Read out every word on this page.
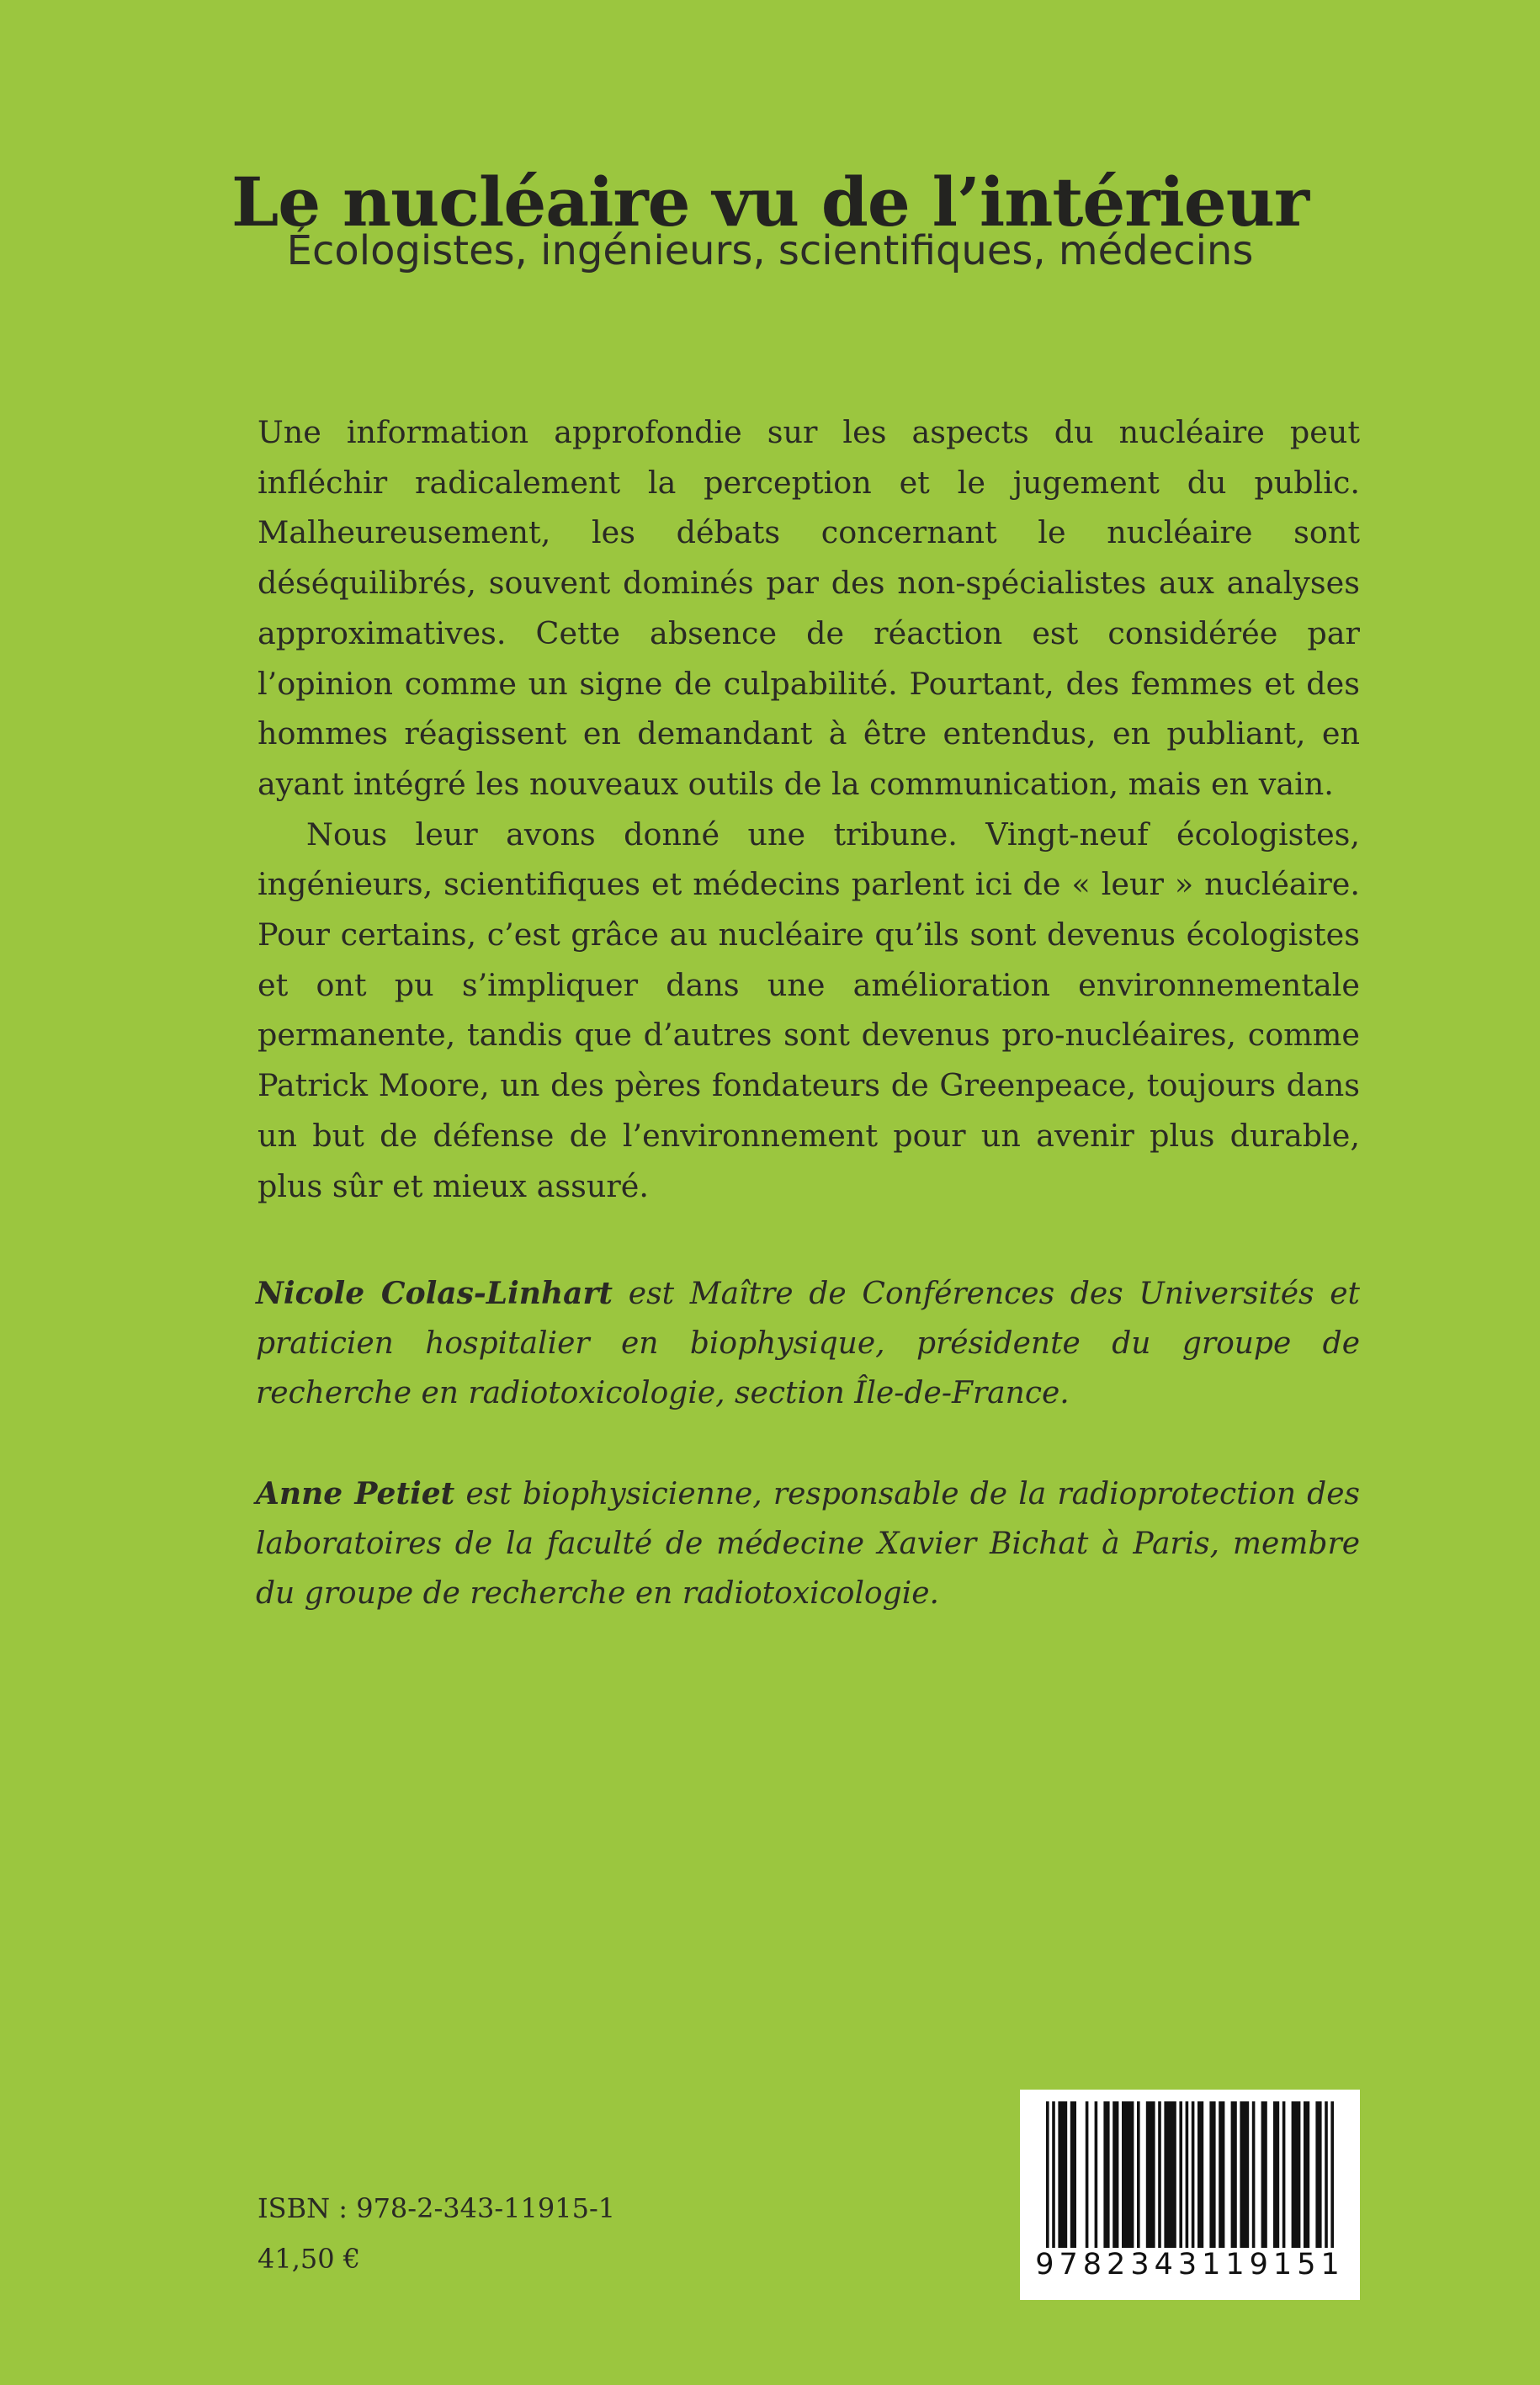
Le nucléaire vu de l’intérieur
Écologistes, ingénieurs, scientifiques, médecins

Une information approfondie sur les aspects du nucléaire peut infléchir radicalement la perception et le jugement du public. Malheureusement, les débats concernant le nucléaire sont déséquilibrés, souvent dominés par des non-spécialistes aux analyses approximatives. Cette absence de réaction est considérée par l’opinion comme un signe de culpabilité. Pourtant, des femmes et des hommes réagissent en demandant à être entendus, en publiant, en ayant intégré les nouveaux outils de la communication, mais en vain.

Nous leur avons donné une tribune. Vingt-neuf écologistes, ingénieurs, scientifiques et médecins parlent ici de « leur » nucléaire. Pour certains, c’est grâce au nucléaire qu’ils sont devenus écologistes et ont pu s’impliquer dans une amélioration environnementale permanente, tandis que d’autres sont devenus pro-nucléaires, comme Patrick Moore, un des pères fondateurs de Greenpeace, toujours dans un but de défense de l’environnement pour un avenir plus durable, plus sûr et mieux assuré.

Nicole Colas-Linhart est Maître de Conférences des Universités et praticien hospitalier en biophysique, présidente du groupe de recherche en radiotoxicologie, section Île-de-France.

Anne Petiet est biophysicienne, responsable de la radioprotection des laboratoires de la faculté de médecine Xavier Bichat à Paris, membre du groupe de recherche en radiotoxicologie.

ISBN : 978-2-343-11915-1
41,50 €	9782343119151
